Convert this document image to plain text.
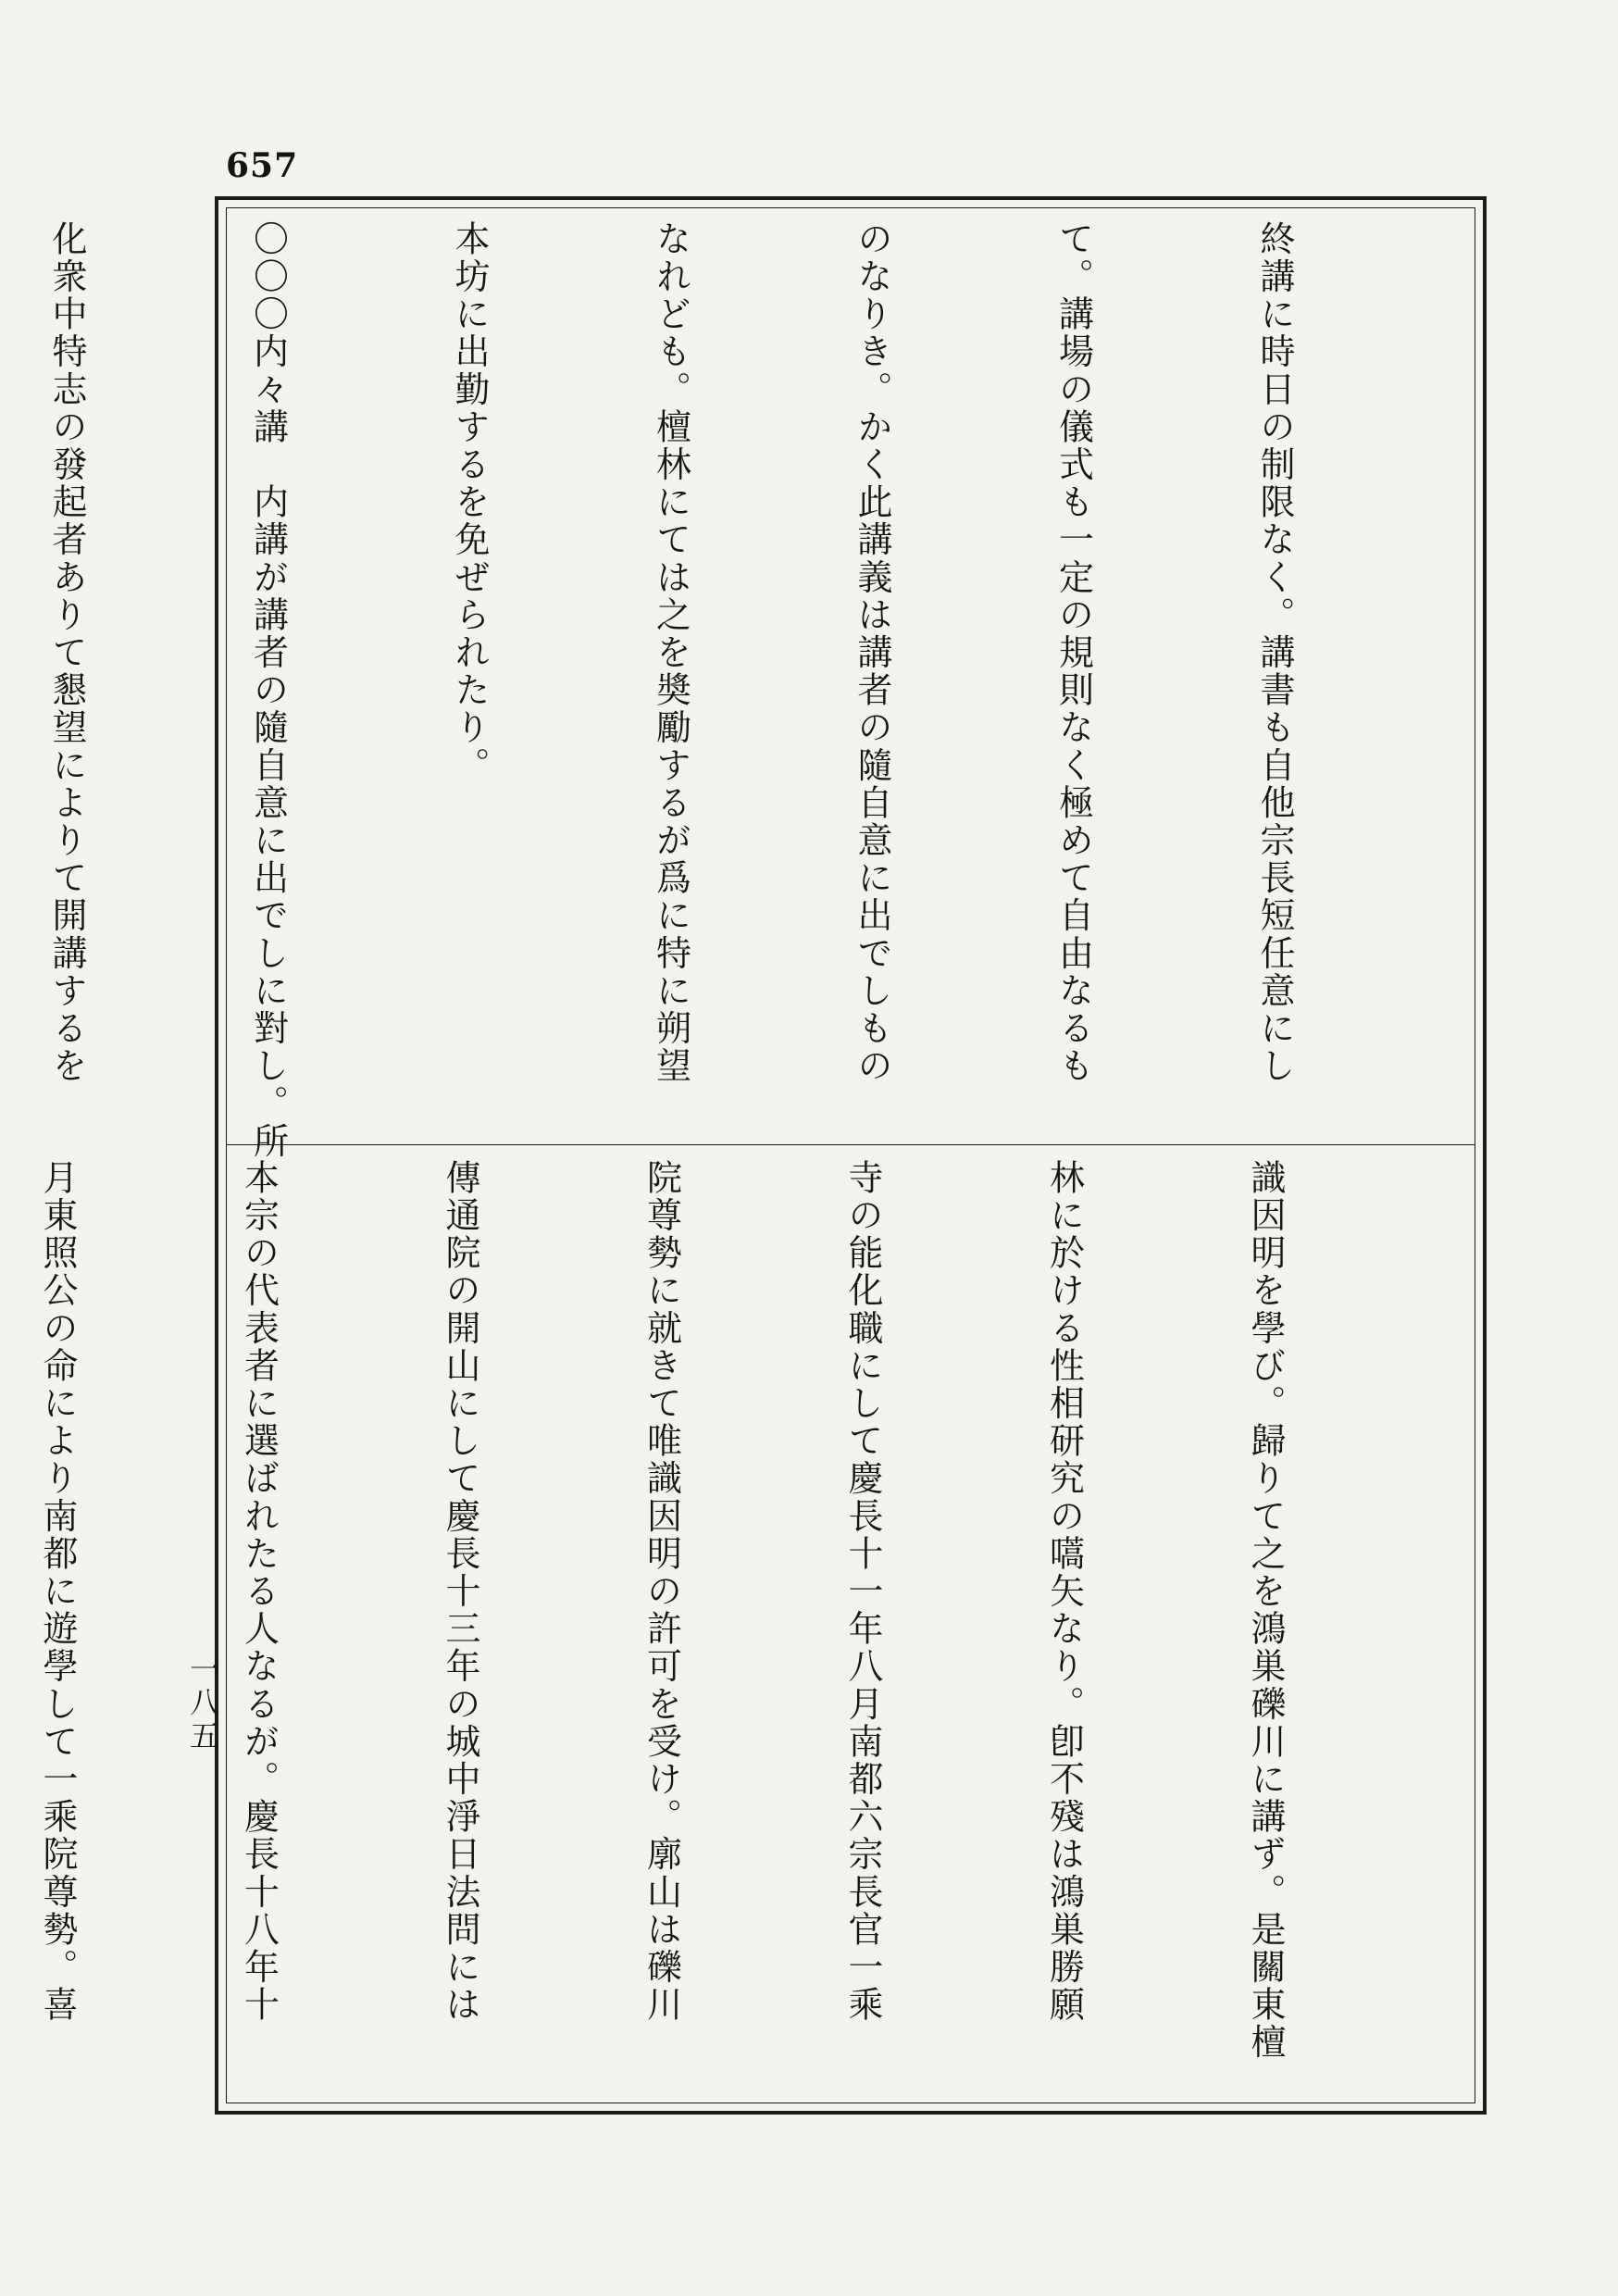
657

終講に時日の制限なく。講書も自他宗長短任意にし

て。講場の儀式も一定の規則なく極めて自由なるも

のなりき。かく此講義は講者の隨自意に出でしもの

なれども。檀林にては之を奬勵するが爲に特に朔望

本坊に出勤するを免ぜられたり。

〇〇〇内々講　内講が講者の隨自意に出でしに對し。所

化衆中特志の發起者ありて懇望によりて開講するを

識因明を學び。歸りて之を鴻巣礫川に講ず。是關東檀

林に於ける性相研究の嚆矢なり。卽不殘は鴻巣勝願

寺の能化職にして慶長十一年八月南都六宗長官一乘

院尊勢に就きて唯識因明の許可を受け。廓山は礫川

傳通院の開山にして慶長十三年の城中淨日法問には

本宗の代表者に選ばれたる人なるが。慶長十八年十

月東照公の命により南都に遊學して一乘院尊勢。喜

	一八五
